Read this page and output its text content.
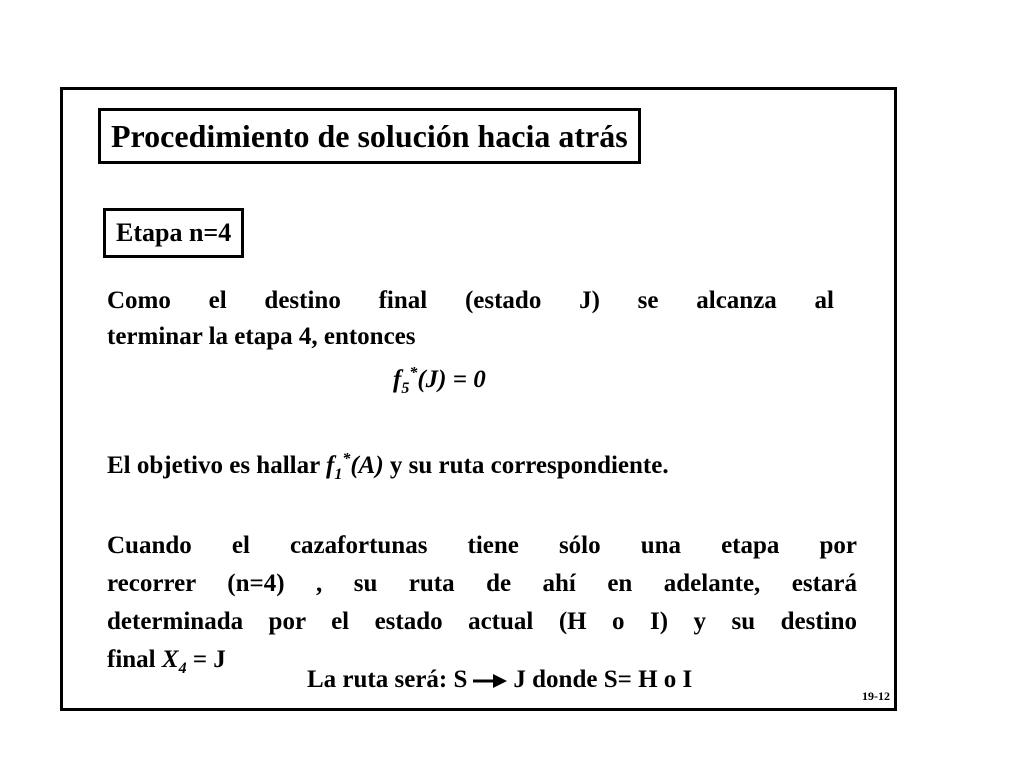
Procedimiento de solución hacia atrás
Etapa n=4
Como el destino final (estado J) se alcanza al
terminar la etapa 4, entonces
$f_5^*(J) = 0$
El objetivo es hallar $f_1^*(A)$ y su ruta correspondiente.
Cuando el cazafortunas tiene sólo una etapa por
recorrer (n=4) , su ruta de ahí en adelante, estará
determinada por el estado actual (H o I) y su destino
final $X_4 = J$
La ruta será: S J donde S= H o I
19-12
